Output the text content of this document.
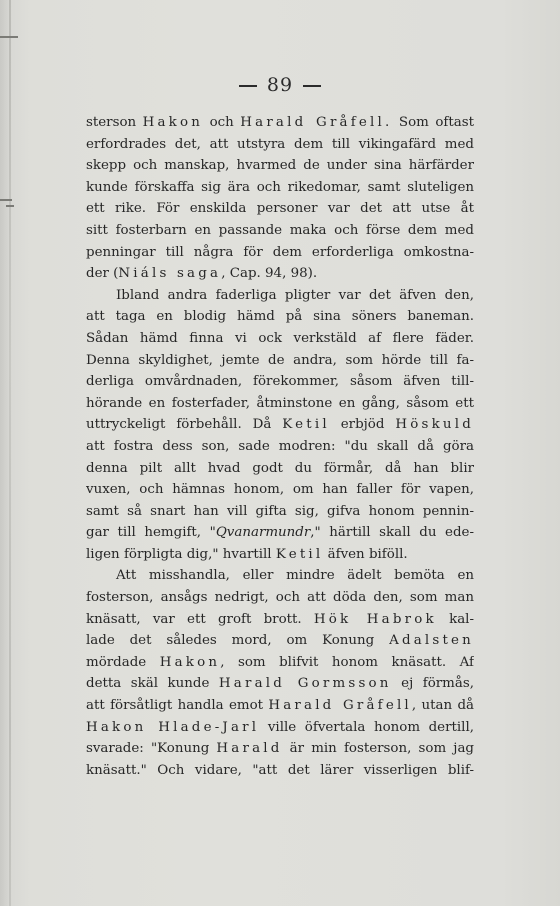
89
sterson Hakon och Harald Gråfell. Som oftast
erfordrades det, att utstyra dem till vikingafärd med
skepp och manskap, hvarmed de under sina härfärder
kunde förskaffa sig ära och rikedomar, samt sluteligen
ett rike. För enskilda personer var det att utse åt
sitt fosterbarn en passande maka och förse dem med
penningar till några för dem erforderliga omkostna-
der (Niáls saga, Cap. 94, 98).
Ibland andra faderliga pligter var det äfven den,
att taga en blodig hämd på sina söners baneman.
Sådan hämd finna vi ock verkstäld af flere fäder.
Denna skyldighet, jemte de andra, som hörde till fa-
derliga omvårdnaden, förekommer, såsom äfven till-
hörande en fosterfader, åtminstone en gång, såsom ett
uttryckeligt förbehåll. Då Ketil erbjöd Höskuld
att fostra dess son, sade modren: "du skall då göra
denna pilt allt hvad godt du förmår, då han blir
vuxen, och hämnas honom, om han faller för vapen,
samt så snart han vill gifta sig, gifva honom pennin-
gar till hemgift, "Qvanarmundr," härtill skall du ede-
ligen förpligta dig," hvartill Ketil äfven biföll.
Att misshandla, eller mindre ädelt bemöta en
fosterson, ansågs nedrigt, och att döda den, som man
knäsatt, var ett groft brott. Hök Habrok kal-
lade det således mord, om Konung Adalsten
mördade Hakon, som blifvit honom knäsatt. Af
detta skäl kunde Harald Gormsson ej förmås,
att försåtligt handla emot Harald Gråfell, utan då
Hakon Hlade-Jarl ville öfvertala honom dertill,
svarade: "Konung Harald är min fosterson, som jag
knäsatt." Och vidare, "att det lärer visserligen blif-
